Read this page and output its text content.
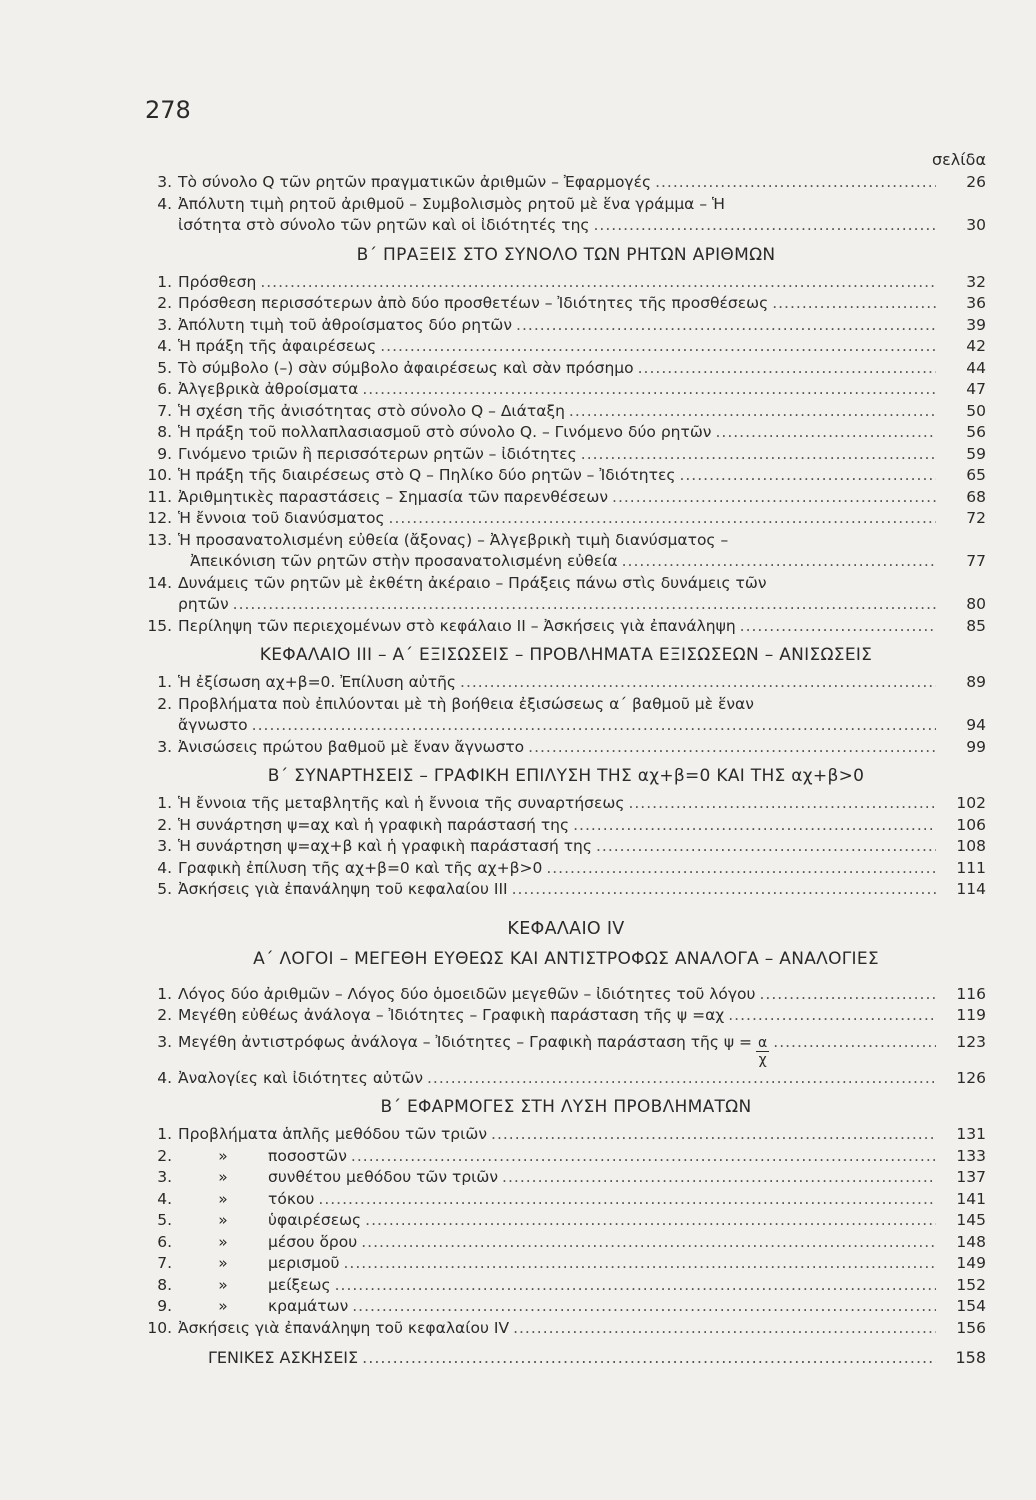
278
σελίδα
3. Τὸ σύνολο Q τῶν ρητῶν πραγματικῶν ἀριθμῶν – Ἐφαρμογές .....	26
4. Ἀπόλυτη τιμὴ ρητοῦ ἀριθμοῦ – Συμβολισμὸς ρητοῦ μὲ ἕνα γράμμα – Ἡ
ἰσότητα στὸ σύνολο τῶν ρητῶν καὶ οἱ ἰδιότητές της .....	30
Β΄ ΠΡΑΞΕΙΣ ΣΤΟ ΣΥΝΟΛΟ ΤΩΝ ΡΗΤΩΝ ΑΡΙΘΜΩΝ
1. Πρόσθεση .....	32
2. Πρόσθεση περισσότερων ἀπὸ δύο προσθετέων – Ἰδιότητες τῆς προσθέσεως .....	36
3. Ἀπόλυτη τιμὴ τοῦ ἀθροίσματος δύο ρητῶν .....	39
4. Ἡ πράξη τῆς ἀφαιρέσεως .....	42
5. Τὸ σύμβολο (–) σὰν σύμβολο ἀφαιρέσεως καὶ σὰν πρόσημο .....	44
6. Ἀλγεβρικὰ ἀθροίσματα .....	47
7. Ἡ σχέση τῆς ἀνισότητας στὸ σύνολο Q – Διάταξη .....	50
8. Ἡ πράξη τοῦ πολλαπλασιασμοῦ στὸ σύνολο Q. – Γινόμενο δύο ρητῶν .....	56
9. Γινόμενο τριῶν ἢ περισσότερων ρητῶν – ἰδιότητες .....	59
10. Ἡ πράξη τῆς διαιρέσεως στὸ Q – Πηλίκο δύο ρητῶν – Ἰδιότητες .....	65
11. Ἀριθμητικὲς παραστάσεις – Σημασία τῶν παρενθέσεων .....	68
12. Ἡ ἔννοια τοῦ διανύσματος .....	72
13. Ἡ προσανατολισμένη εὐθεία (ἄξονας) – Ἀλγεβρικὴ τιμὴ διανύσματος –
Ἀπεικόνιση τῶν ρητῶν στὴν προσανατολισμένη εὐθεία .....	77
14. Δυνάμεις τῶν ρητῶν μὲ ἐκθέτη ἀκέραιο – Πράξεις πάνω στὶς δυνάμεις τῶν
ρητῶν .....	80
15. Περίληψη τῶν περιεχομένων στὸ κεφάλαιο II – Ἀσκήσεις γιὰ ἐπανάληψη .....	85
ΚΕΦΑΛΑΙΟ III – Α΄ ΕΞΙΣΩΣΕΙΣ – ΠΡΟΒΛΗΜΑΤΑ ΕΞΙΣΩΣΕΩΝ – ΑΝΙΣΩΣΕΙΣ
1. Ἡ ἐξίσωση αχ+β=0. Ἐπίλυση αὐτῆς .....	89
2. Προβλήματα ποὺ ἐπιλύονται μὲ τὴ βοήθεια ἐξισώσεως α΄ βαθμοῦ μὲ ἕναν
ἄγνωστο .....	94
3. Ἀνισώσεις πρώτου βαθμοῦ μὲ ἕναν ἄγνωστο .....	99
Β΄ ΣΥΝΑΡΤΗΣΕΙΣ – ΓΡΑΦΙΚΗ ΕΠΙΛΥΣΗ ΤΗΣ αχ+β=0 ΚΑΙ ΤΗΣ αχ+β>0
1. Ἡ ἔννοια τῆς μεταβλητῆς καὶ ἡ ἔννοια τῆς συναρτήσεως .....	102
2. Ἡ συνάρτηση ψ=αχ καὶ ἡ γραφικὴ παράστασή της .....	106
3. Ἡ συνάρτηση ψ=αχ+β καὶ ἡ γραφικὴ παράστασή της .....	108
4. Γραφικὴ ἐπίλυση τῆς αχ+β=0 καὶ τῆς αχ+β>0 .....	111
5. Ἀσκήσεις γιὰ ἐπανάληψη τοῦ κεφαλαίου III .....	114
ΚΕΦΑΛΑΙΟ IV
Α΄ ΛΟΓΟΙ – ΜΕΓΕΘΗ ΕΥΘΕΩΣ ΚΑΙ ΑΝΤΙΣΤΡΟΦΩΣ ΑΝΑΛΟΓΑ – ΑΝΑΛΟΓΙΕΣ
1. Λόγος δύο ἀριθμῶν – Λόγος δύο ὁμοειδῶν μεγεθῶν – ἰδιότητες τοῦ λόγου .....	116
2. Μεγέθη εὐθέως ἀνάλογα – Ἰδιότητες – Γραφικὴ παράσταση τῆς ψ =αχ .....	119
3. Μεγέθη ἀντιστρόφως ἀνάλογα – Ἰδιότητες – Γραφικὴ παράσταση τῆς $\psi = \frac{\alpha}{\chi}$ .....	123
4. Ἀναλογίες καὶ ἰδιότητες αὐτῶν .....	126
Β΄ ΕΦΑΡΜΟΓΕΣ ΣΤΗ ΛΥΣΗ ΠΡΟΒΛΗΜΑΤΩΝ
1. Προβλήματα ἁπλῆς μεθόδου τῶν τριῶν .....	131
2.	»	ποσοστῶν .....	133
3.	»	συνθέτου μεθόδου τῶν τριῶν .....	137
4.	»	τόκου .....	141
5.	»	ὑφαιρέσεως .....	145
6.	»	μέσου ὅρου .....	148
7.	»	μερισμοῦ .....	149
8.	»	μείξεως .....	152
9.	»	κραμάτων .....	154
10. Ἀσκήσεις γιὰ ἐπανάληψη τοῦ κεφαλαίου IV .....	156
ΓΕΝΙΚΕΣ ΑΣΚΗΣΕΙΣ .....	158
